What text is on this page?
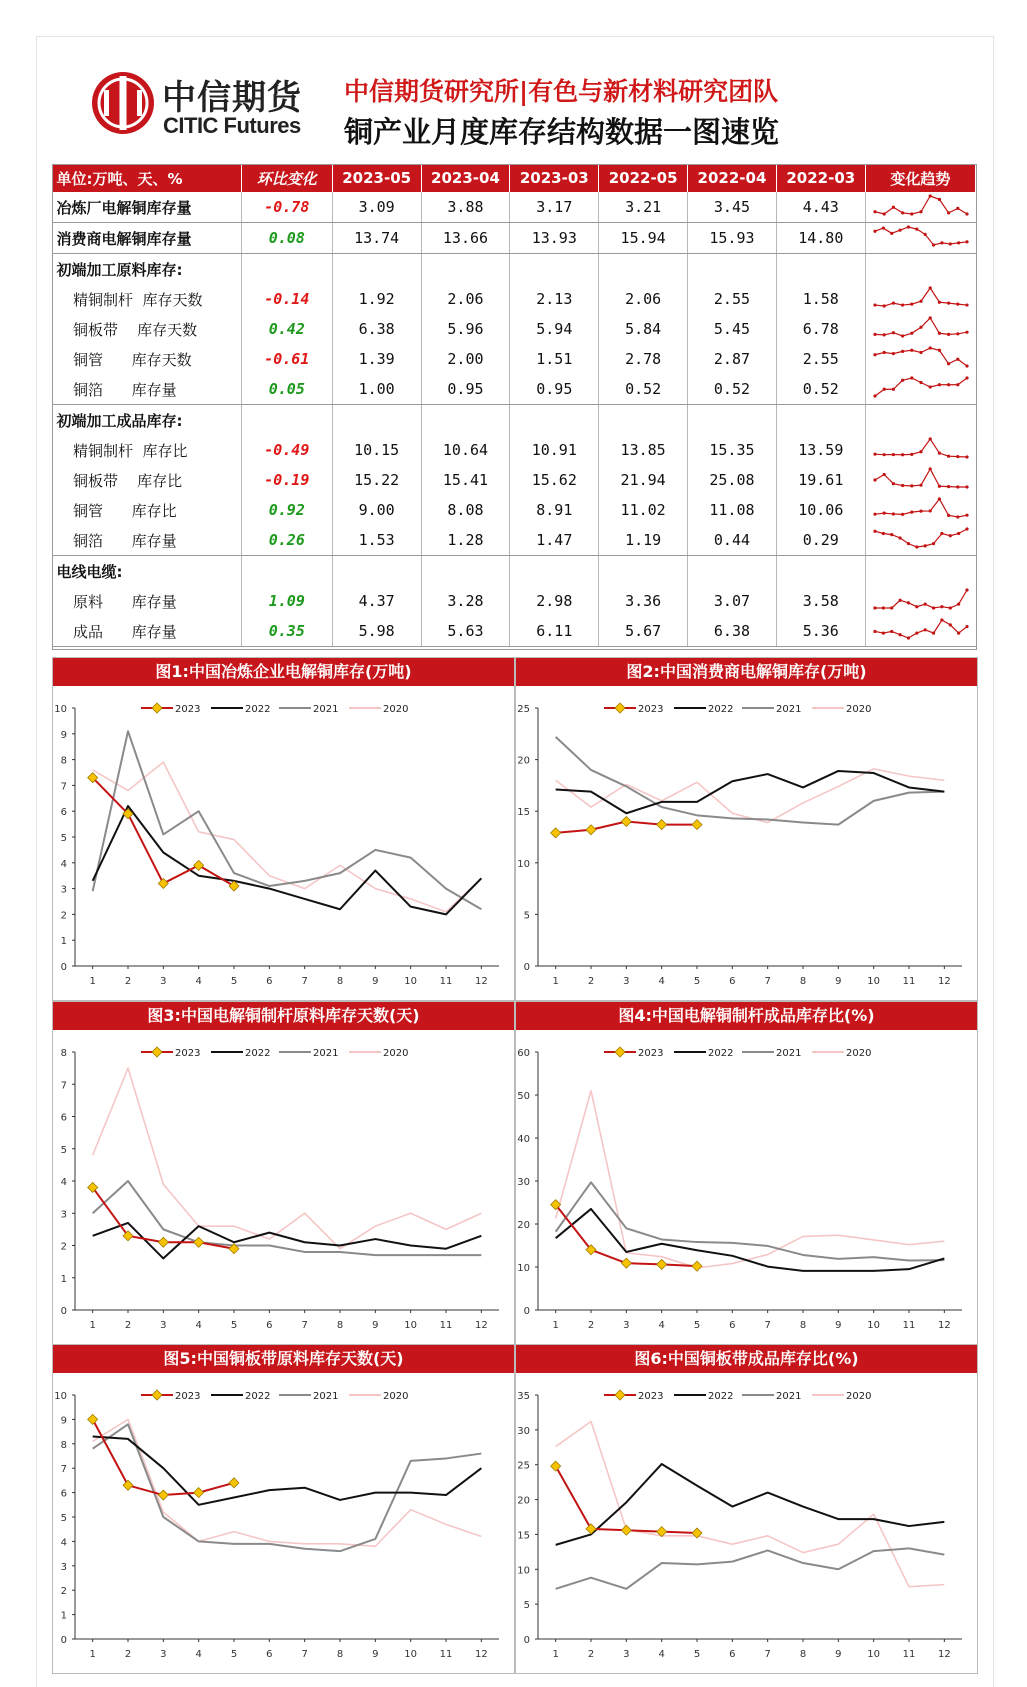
中信期货
CITIC Futures
中信期货研究所|有色与新材料研究团队
铜产业月度库存结构数据一图速览
单位:万吨、天、%	环比变化	2023-05	2023-04	2023-03	2022-05	2022-04	2022-03	变化趋势
冶炼厂电解铜库存量	-0.78	3.09	3.88	3.17	3.21	3.45	4.43	
消费商电解铜库存量	0.08	13.74	13.66	13.93	15.94	15.93	14.80	
初端加工原料库存:								
精铜制杆  库存天数	-0.14	1.92	2.06	2.13	2.06	2.55	1.58	
铜板带    库存天数	0.42	6.38	5.96	5.94	5.84	5.45	6.78	
铜管      库存天数	-0.61	1.39	2.00	1.51	2.78	2.87	2.55	
铜箔      库存量	0.05	1.00	0.95	0.95	0.52	0.52	0.52	
初端加工成品库存:								
精铜制杆  库存比	-0.49	10.15	10.64	10.91	13.85	15.35	13.59	
铜板带    库存比	-0.19	15.22	15.41	15.62	21.94	25.08	19.61	
铜管      库存比	0.92	9.00	8.08	8.91	11.02	11.08	10.06	
铜箔      库存量	0.26	1.53	1.28	1.47	1.19	0.44	0.29	
电线电缆:								
原料      库存量	1.09	4.37	3.28	2.98	3.36	3.07	3.58	
成品      库存量	0.35	5.98	5.63	6.11	5.67	6.38	5.36	
图1:中国冶炼企业电解铜库存(万吨)
0
1
2
3
4
5
6
7
8
9
10
1	2	3	4	5	6	7	8	9	10 11 12
2023	2022	2021	2020
图2:中国消费商电解铜库存(万吨)
0
5
10
15
20
25
1	2	3	4	5	6	7	8	9	10 11 12
2023	2022	2021	2020
图3:中国电解铜制杆原料库存天数(天)
0
1
2
3
4
5
6
7
8
1	2	3	4	5	6	7	8	9	10 11 12
2023	2022	2021	2020
图4:中国电解铜制杆成品库存比(%)
0
10
20
30
40
50
60
1	2	3	4	5	6	7	8	9	10 11 12
2023	2022	2021	2020
图5:中国铜板带原料库存天数(天)
0
1
2
3
4
5
6
7
8
9
10
1	2	3	4	5	6	7	8	9	10 11 12
2023	2022	2021	2020
图6:中国铜板带成品库存比(%)
0
5
10
15
20
25
30
35
1	2	3	4	5	6	7	8	9	10 11 12
2023	2022	2021	2020
